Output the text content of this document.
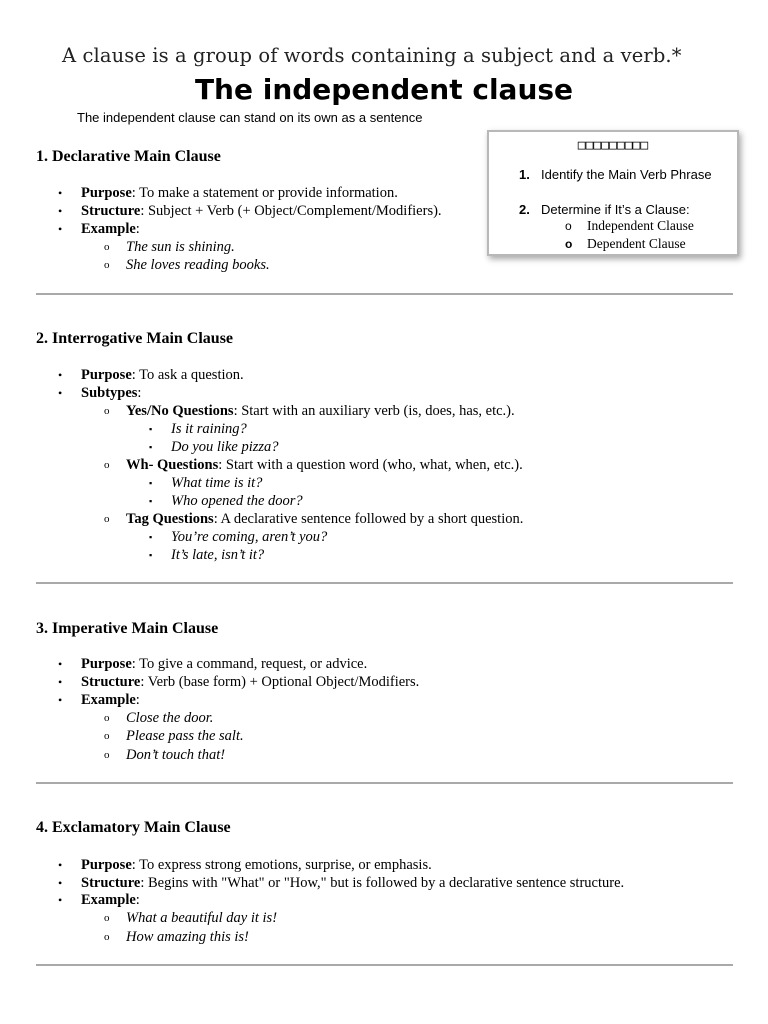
A clause is a group of words containing a subject and a verb.*
The independent clause
The independent clause can stand on its own as a sentence
□□□□□□□□□
1. Identify the Main Verb Phrase
2. Determine if It’s a Clause:
o Independent Clause
o Dependent Clause
1. Declarative Main Clause
• Purpose: To make a statement or provide information.
• Structure: Subject + Verb (+ Object/Complement/Modifiers).
• Example:
o The sun is shining.
o She loves reading books.
2. Interrogative Main Clause
• Purpose: To ask a question.
• Subtypes:
o Yes/No Questions: Start with an auxiliary verb (is, does, has, etc.).
▪ Is it raining?
▪ Do you like pizza?
o Wh- Questions: Start with a question word (who, what, when, etc.).
▪ What time is it?
▪ Who opened the door?
o Tag Questions: A declarative sentence followed by a short question.
▪ You’re coming, aren’t you?
▪ It’s late, isn’t it?
3. Imperative Main Clause
• Purpose: To give a command, request, or advice.
• Structure: Verb (base form) + Optional Object/Modifiers.
• Example:
o Close the door.
o Please pass the salt.
o Don’t touch that!
4. Exclamatory Main Clause
• Purpose: To express strong emotions, surprise, or emphasis.
• Structure: Begins with "What" or "How," but is followed by a declarative sentence structure.
• Example:
o What a beautiful day it is!
o How amazing this is!
